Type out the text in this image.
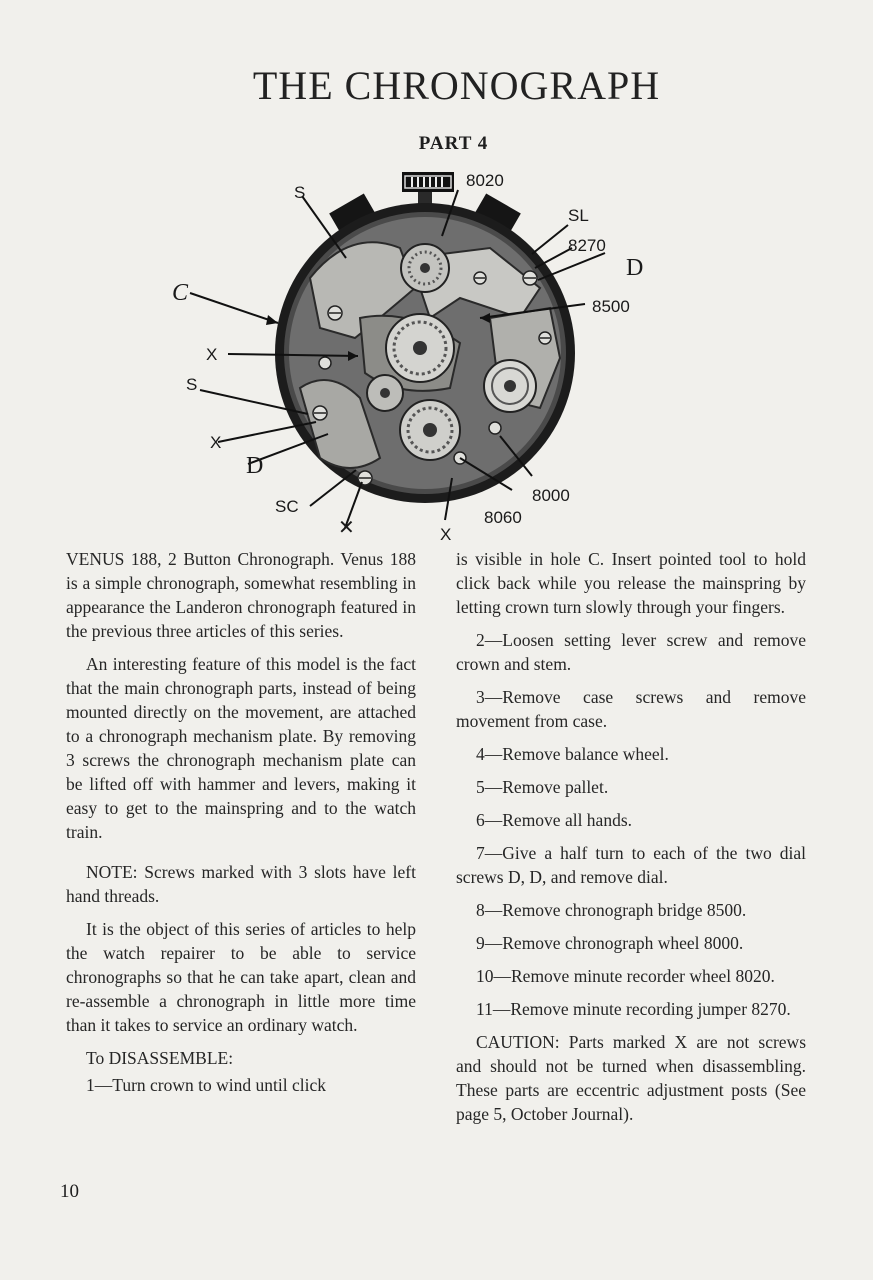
THE CHRONOGRAPH
PART 4
8020
S
SL
8270
D
C
8500
X
S
X
D
SC
8000
8060
X
✕

VENUS 188, 2 Button Chronograph. Venus 188 is a simple chronograph, somewhat resembling in appearance the Landeron chronograph featured in the previous three articles of this series.

An interesting feature of this model is the fact that the main chronograph parts, instead of being mounted directly on the movement, are attached to a chronograph mechanism plate. By removing 3 screws the chronograph mechanism plate can be lifted off with hammer and levers, making it easy to get to the mainspring and to the watch train.

NOTE: Screws marked with 3 slots have left hand threads.

It is the object of this series of articles to help the watch repairer to be able to service chronographs so that he can take apart, clean and re-assemble a chronograph in little more time than it takes to service an ordinary watch.

To DISASSEMBLE:

1—Turn crown to wind until click

is visible in hole C. Insert pointed tool to hold click back while you release the mainspring by letting crown turn slowly through your fingers.

2—Loosen setting lever screw and remove crown and stem.

3—Remove case screws and remove movement from case.

4—Remove balance wheel.

5—Remove pallet.

6—Remove all hands.

7—Give a half turn to each of the two dial screws D, D, and remove dial.

8—Remove chronograph bridge 8500.

9—Remove chronograph wheel 8000.

10—Remove minute recorder wheel 8020.

11—Remove minute recording jumper 8270.

CAUTION: Parts marked X are not screws and should not be turned when disassembling. These parts are eccentric adjustment posts (See page 5, October Journal).

10
